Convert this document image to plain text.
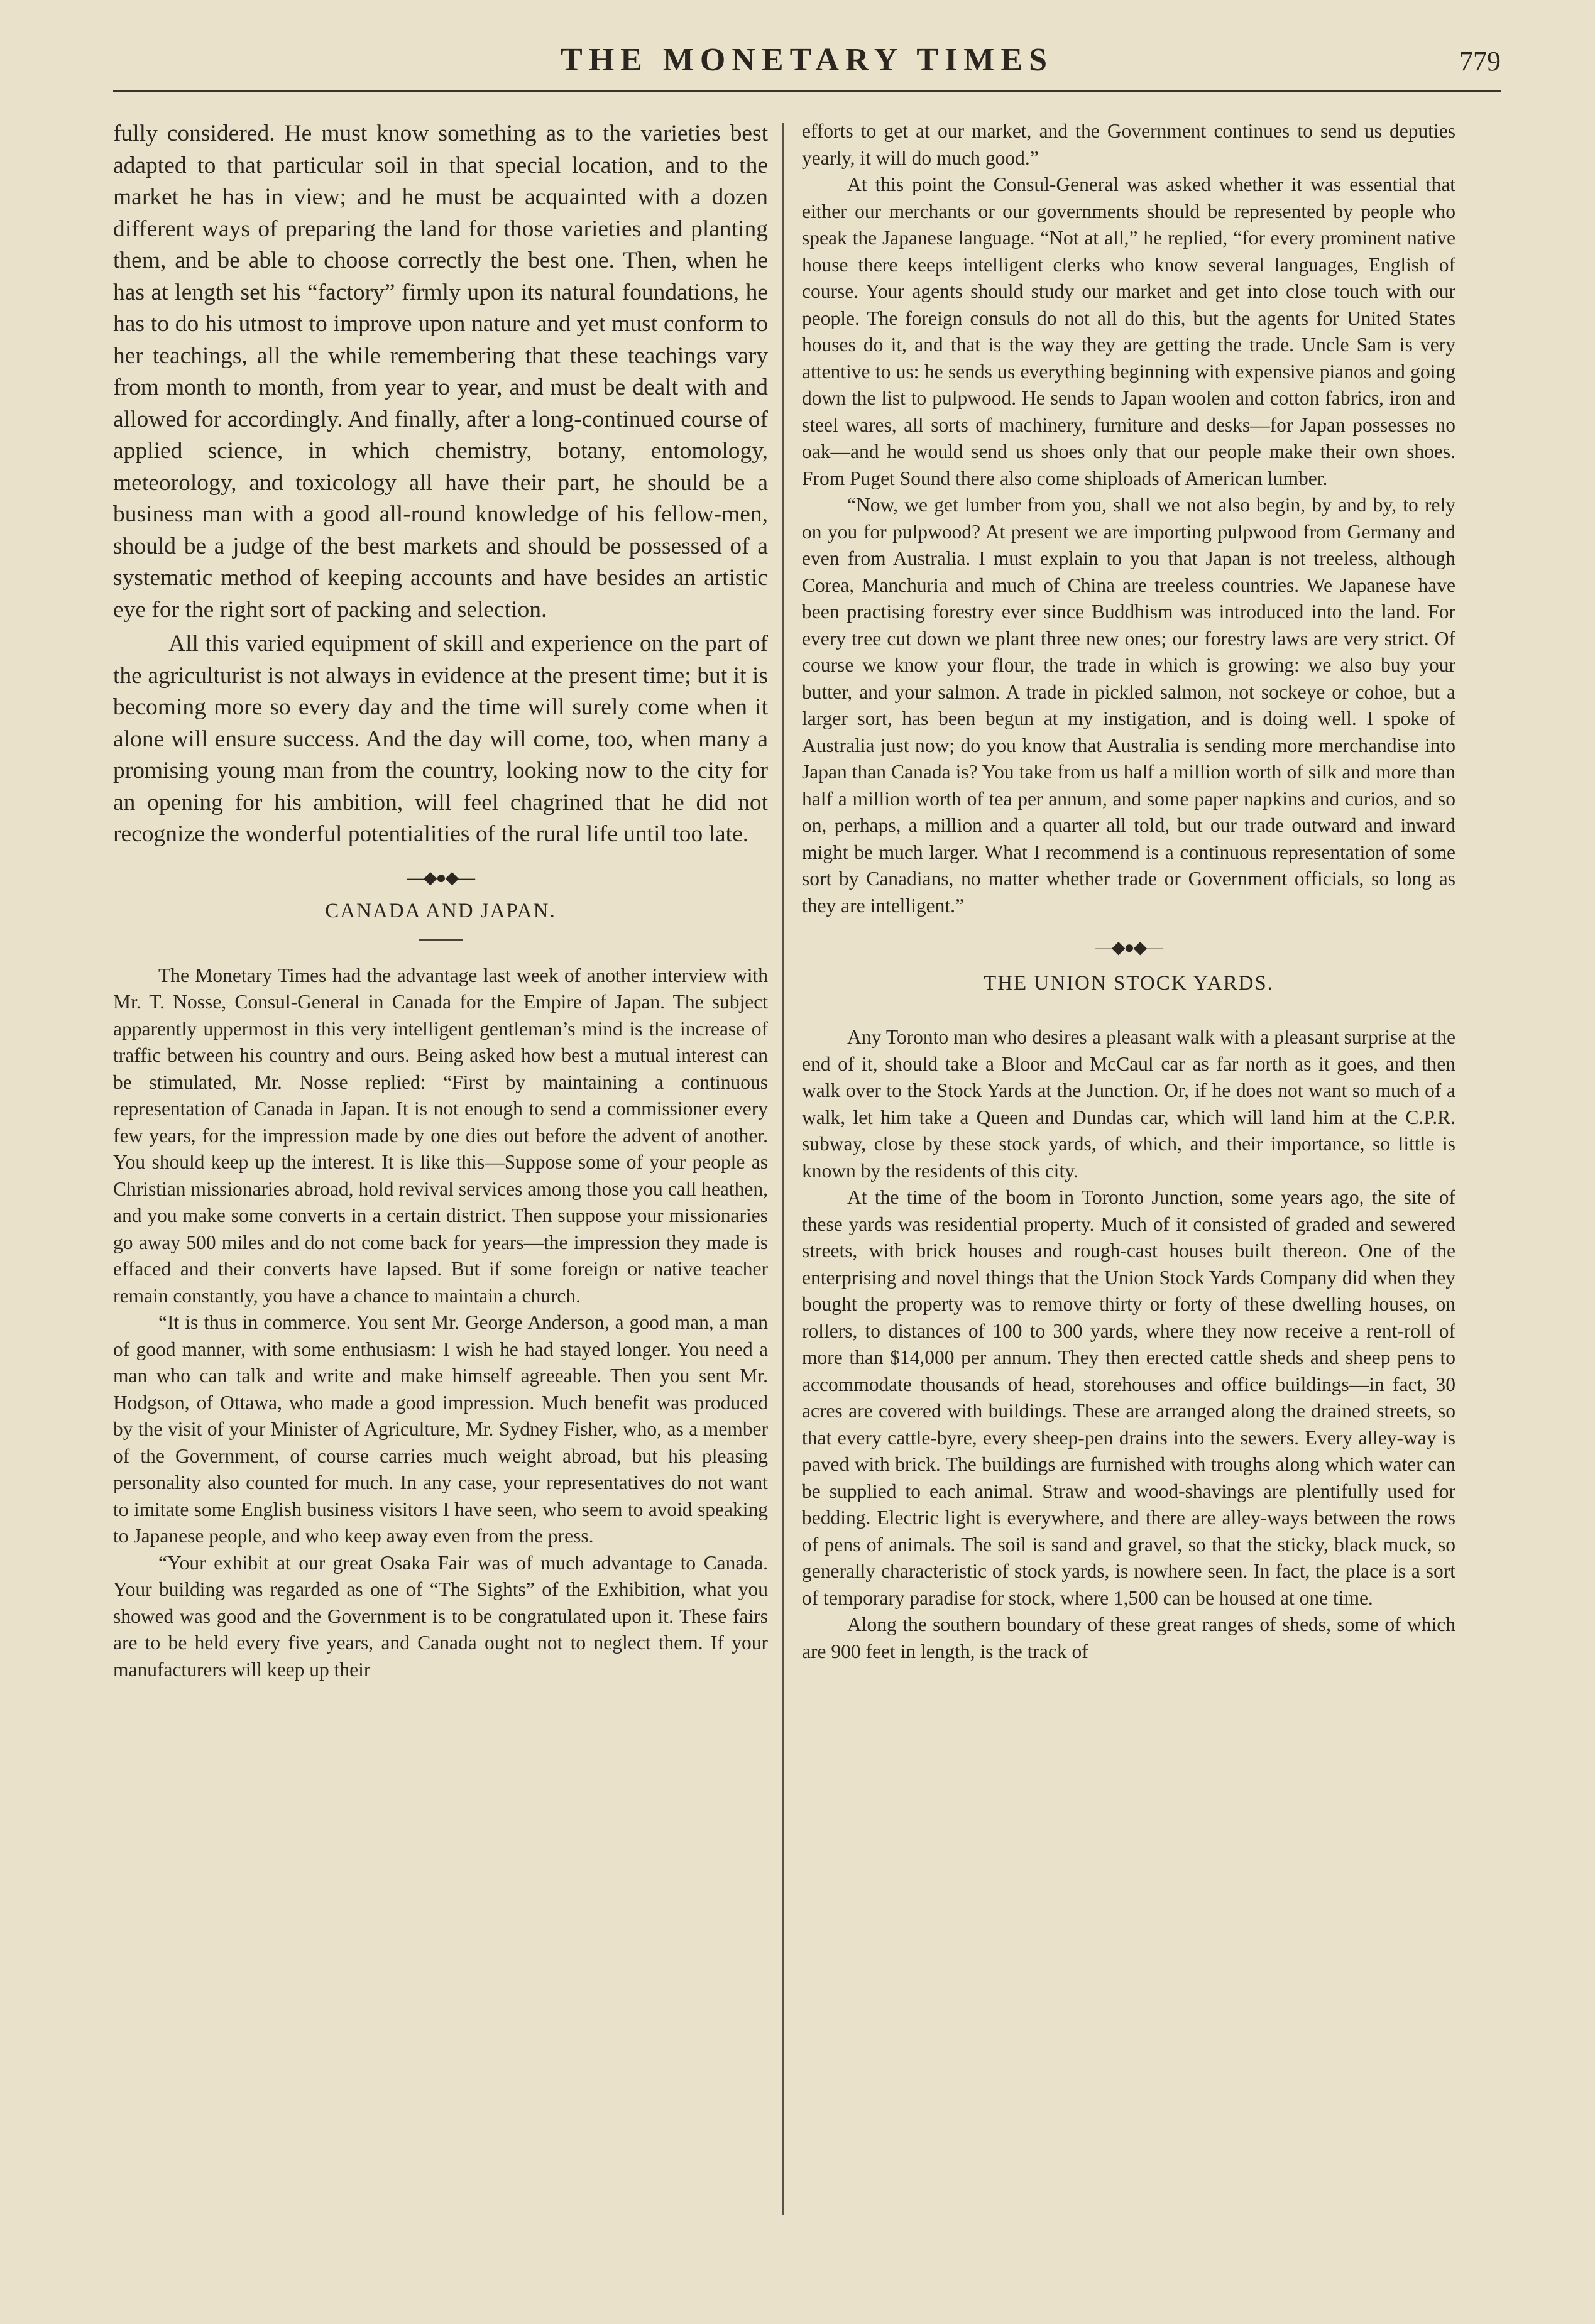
THE MONETARY TIMES	779

fully considered. He must know something as to the varieties best adapted to that particular soil in that special location, and to the market he has in view; and he must be acquainted with a dozen different ways of preparing the land for those varieties and planting them, and be able to choose correctly the best one. Then, when he has at length set his “factory” firmly upon its natural foundations, he has to do his utmost to improve upon nature and yet must conform to her teachings, all the while remembering that these teachings vary from month to month, from year to year, and must be dealt with and allowed for accordingly. And finally, after a long-continued course of applied science, in which chemistry, botany, entomology, meteorology, and toxicology all have their part, he should be a business man with a good all-round knowledge of his fellow-men, should be a judge of the best markets and should be possessed of a systematic method of keeping accounts and have besides an artistic eye for the right sort of packing and selection.

All this varied equipment of skill and experience on the part of the agriculturist is not always in evidence at the present time; but it is becoming more so every day and the time will surely come when it alone will ensure success. And the day will come, too, when many a promising young man from the country, looking now to the city for an opening for his ambition, will feel chagrined that he did not recognize the wonderful potentialities of the rural life until too late.

—◆●◆—
CANADA AND JAPAN.

The Monetary Times had the advantage last week of another interview with Mr. T. Nosse, Consul-General in Canada for the Empire of Japan. The subject apparently uppermost in this very intelligent gentleman’s mind is the increase of traffic between his country and ours. Being asked how best a mutual interest can be stimulated, Mr. Nosse replied: “First by maintaining a continuous representation of Canada in Japan. It is not enough to send a commissioner every few years, for the impression made by one dies out before the advent of another. You should keep up the interest. It is like this—Suppose some of your people as Christian missionaries abroad, hold revival services among those you call heathen, and you make some converts in a certain district. Then suppose your missionaries go away 500 miles and do not come back for years—the impression they made is effaced and their converts have lapsed. But if some foreign or native teacher remain constantly, you have a chance to maintain a church.

“It is thus in commerce. You sent Mr. George Anderson, a good man, a man of good manner, with some enthusiasm: I wish he had stayed longer. You need a man who can talk and write and make himself agreeable. Then you sent Mr. Hodgson, of Ottawa, who made a good impression. Much benefit was produced by the visit of your Minister of Agriculture, Mr. Sydney Fisher, who, as a member of the Government, of course carries much weight abroad, but his pleasing personality also counted for much. In any case, your representatives do not want to imitate some English business visitors I have seen, who seem to avoid speaking to Japanese people, and who keep away even from the press.

“Your exhibit at our great Osaka Fair was of much advantage to Canada. Your building was regarded as one of “The Sights” of the Exhibition, what you showed was good and the Government is to be congratulated upon it. These fairs are to be held every five years, and Canada ought not to neglect them. If your manufacturers will keep up their

efforts to get at our market, and the Government continues to send us deputies yearly, it will do much good.”

At this point the Consul-General was asked whether it was essential that either our merchants or our governments should be represented by people who speak the Japanese language. “Not at all,” he replied, “for every prominent native house there keeps intelligent clerks who know several languages, English of course. Your agents should study our market and get into close touch with our people. The foreign consuls do not all do this, but the agents for United States houses do it, and that is the way they are getting the trade. Uncle Sam is very attentive to us: he sends us everything beginning with expensive pianos and going down the list to pulpwood. He sends to Japan woolen and cotton fabrics, iron and steel wares, all sorts of machinery, furniture and desks—for Japan possesses no oak—and he would send us shoes only that our people make their own shoes. From Puget Sound there also come shiploads of American lumber.

“Now, we get lumber from you, shall we not also begin, by and by, to rely on you for pulpwood? At present we are importing pulpwood from Germany and even from Australia. I must explain to you that Japan is not treeless, although Corea, Manchuria and much of China are treeless countries. We Japanese have been practising forestry ever since Buddhism was introduced into the land. For every tree cut down we plant three new ones; our forestry laws are very strict. Of course we know your flour, the trade in which is growing: we also buy your butter, and your salmon. A trade in pickled salmon, not sockeye or cohoe, but a larger sort, has been begun at my instigation, and is doing well. I spoke of Australia just now; do you know that Australia is sending more merchandise into Japan than Canada is? You take from us half a million worth of silk and more than half a million worth of tea per annum, and some paper napkins and curios, and so on, perhaps, a million and a quarter all told, but our trade outward and inward might be much larger. What I recommend is a continuous representation of some sort by Canadians, no matter whether trade or Government officials, so long as they are intelligent.”

—◆●◆—
THE UNION STOCK YARDS.

Any Toronto man who desires a pleasant walk with a pleasant surprise at the end of it, should take a Bloor and McCaul car as far north as it goes, and then walk over to the Stock Yards at the Junction. Or, if he does not want so much of a walk, let him take a Queen and Dundas car, which will land him at the C.P.R. subway, close by these stock yards, of which, and their importance, so little is known by the residents of this city.

At the time of the boom in Toronto Junction, some years ago, the site of these yards was residential property. Much of it consisted of graded and sewered streets, with brick houses and rough-cast houses built thereon. One of the enterprising and novel things that the Union Stock Yards Company did when they bought the property was to remove thirty or forty of these dwelling houses, on rollers, to distances of 100 to 300 yards, where they now receive a rent-roll of more than $14,000 per annum. They then erected cattle sheds and sheep pens to accommodate thousands of head, storehouses and office buildings—in fact, 30 acres are covered with buildings. These are arranged along the drained streets, so that every cattle-byre, every sheep-pen drains into the sewers. Every alley-way is paved with brick. The buildings are furnished with troughs along which water can be supplied to each animal. Straw and wood-shavings are plentifully used for bedding. Electric light is everywhere, and there are alley-ways between the rows of pens of animals. The soil is sand and gravel, so that the sticky, black muck, so generally characteristic of stock yards, is nowhere seen. In fact, the place is a sort of temporary paradise for stock, where 1,500 can be housed at one time.

Along the southern boundary of these great ranges of sheds, some of which are 900 feet in length, is the track of
